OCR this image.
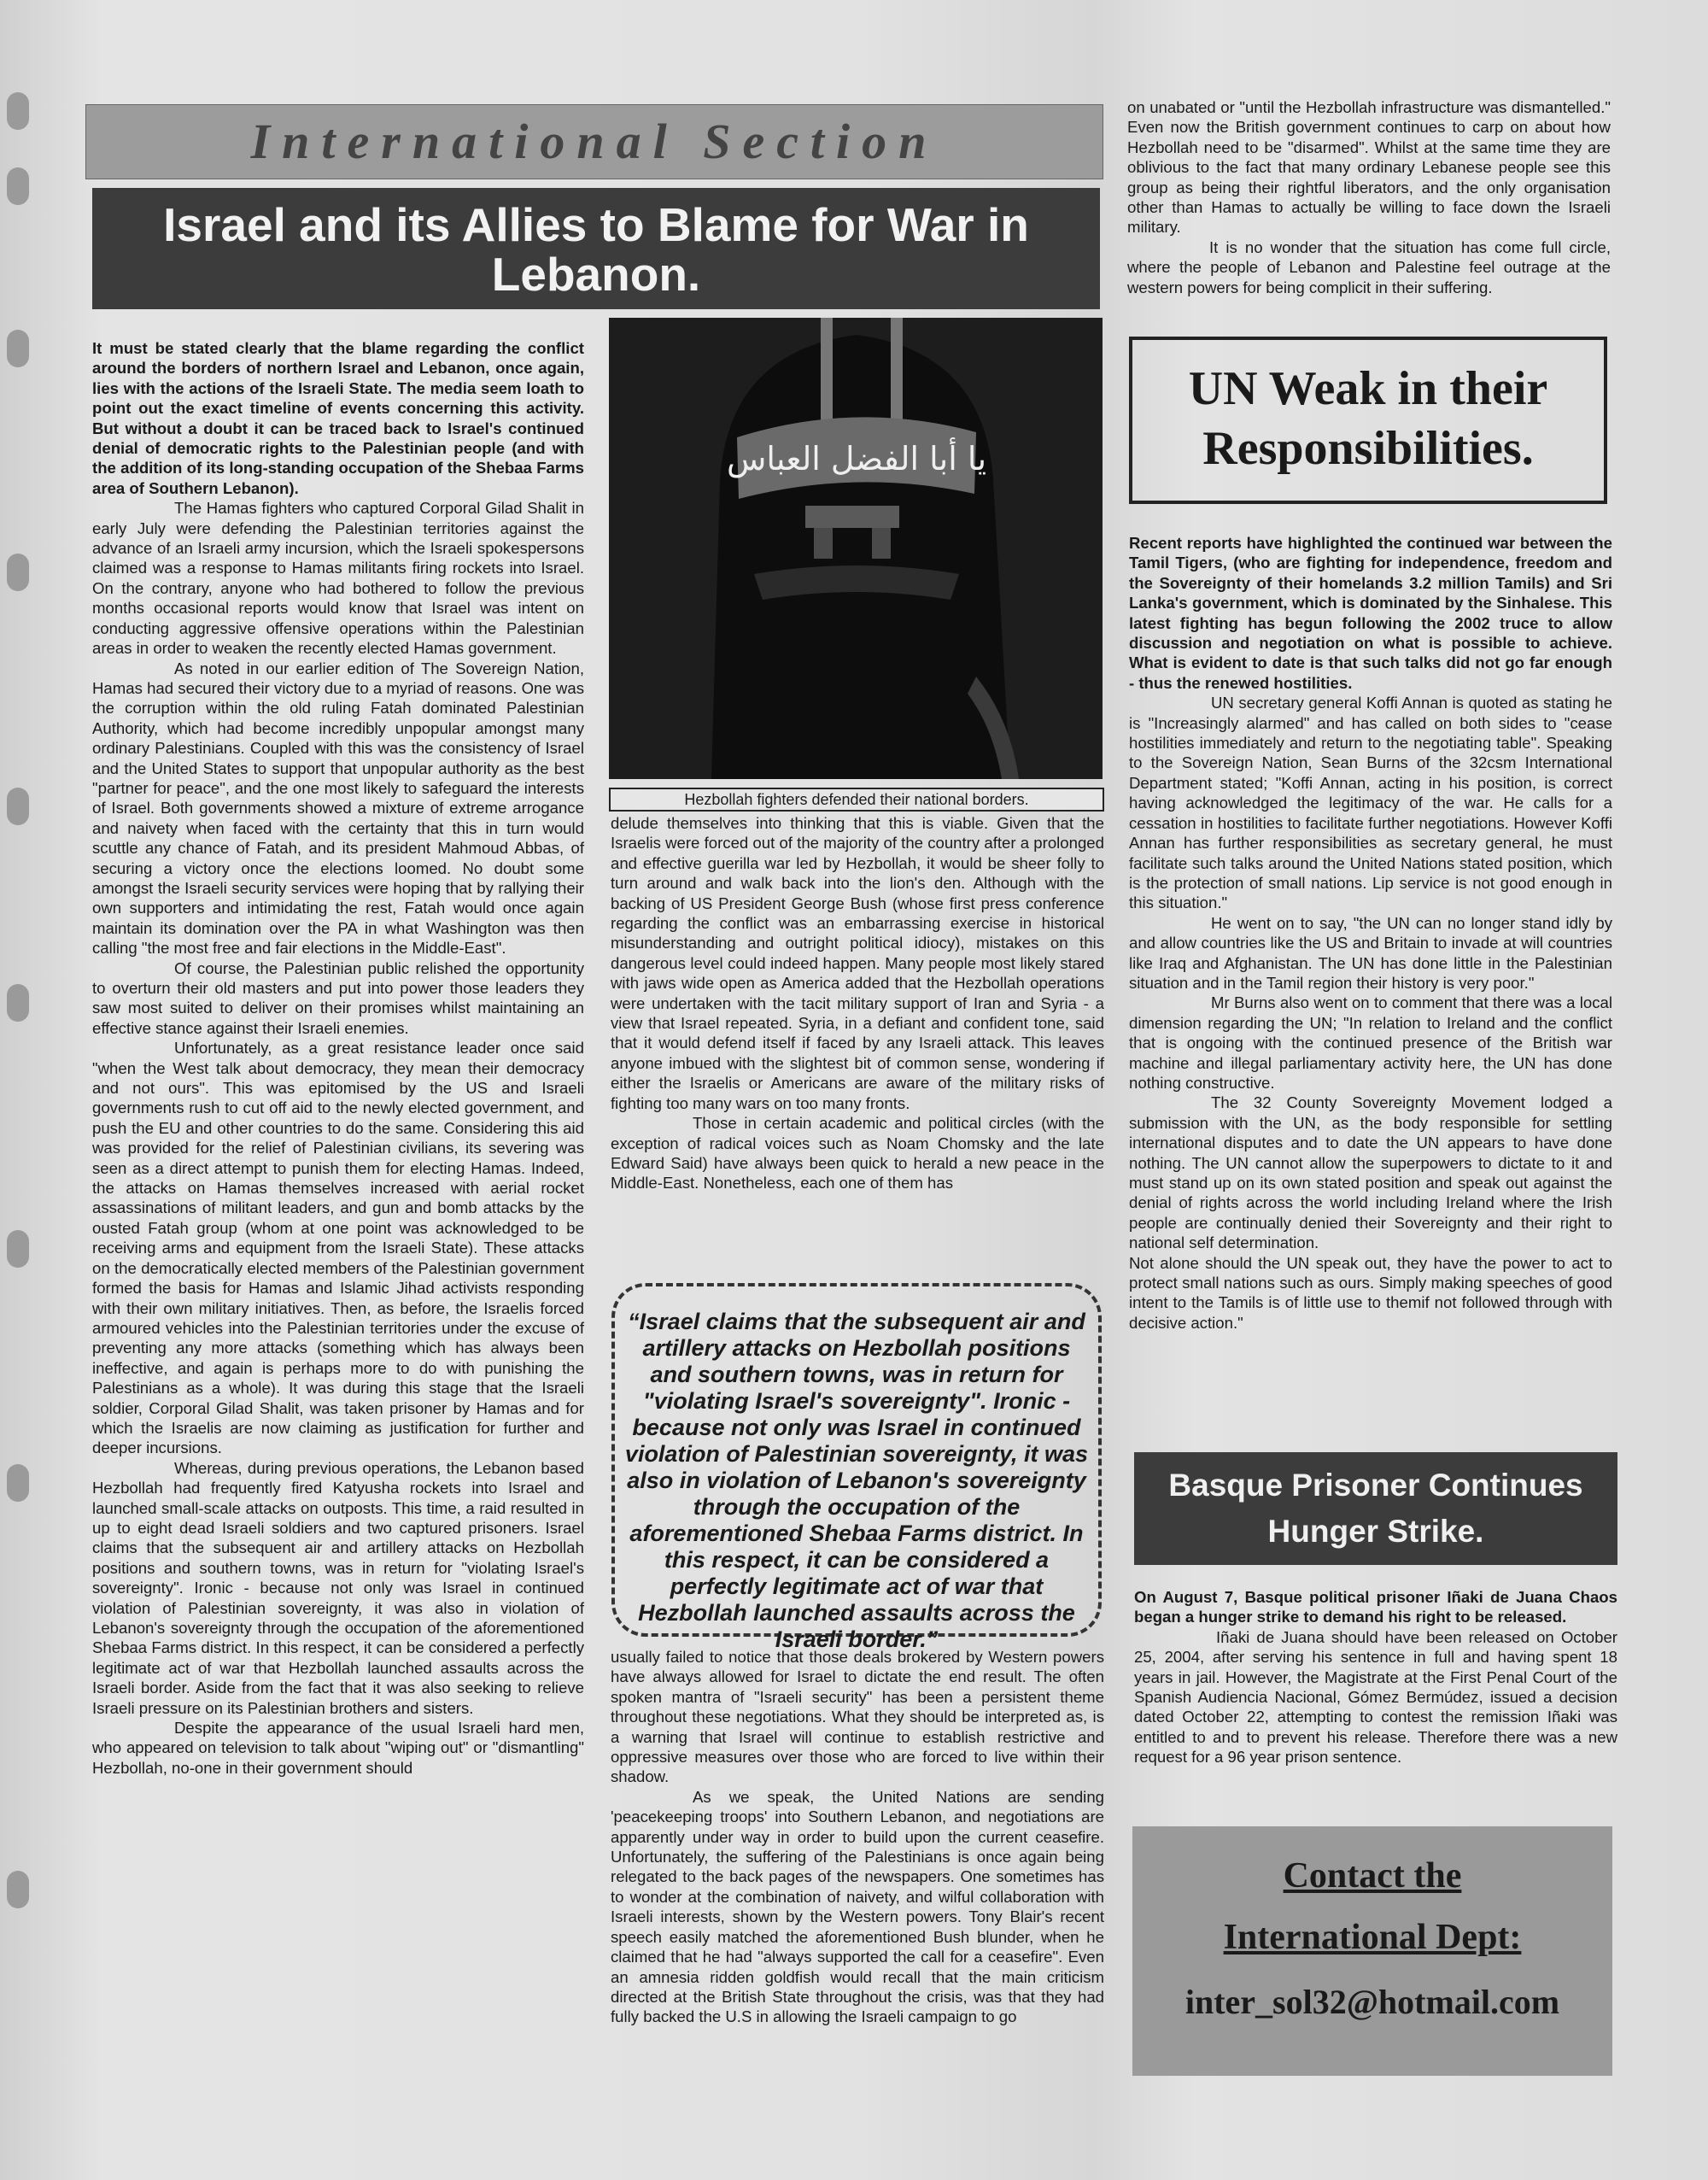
International Section
Israel and its Allies to Blame for War in Lebanon.

It must be stated clearly that the blame regarding the conflict around the borders of northern Israel and Lebanon, once again, lies with the actions of the Israeli State. The media seem loath to point out the exact timeline of events concerning this activity. But without a doubt it can be traced back to Israel's continued denial of democratic rights to the Palestinian people (and with the addition of its long-standing occupation of the Shebaa Farms area of Southern Lebanon).

The Hamas fighters who captured Corporal Gilad Shalit in early July were defending the Palestinian territories against the advance of an Israeli army incursion, which the Israeli spokespersons claimed was a response to Hamas militants firing rockets into Israel. On the contrary, anyone who had bothered to follow the previous months occasional reports would know that Israel was intent on conducting aggressive offensive operations within the Palestinian areas in order to weaken the recently elected Hamas government.

As noted in our earlier edition of The Sovereign Nation, Hamas had secured their victory due to a myriad of reasons. One was the corruption within the old ruling Fatah dominated Palestinian Authority, which had become incredibly unpopular amongst many ordinary Palestinians. Coupled with this was the consistency of Israel and the United States to support that unpopular authority as the best "partner for peace", and the one most likely to safeguard the interests of Israel. Both governments showed a mixture of extreme arrogance and naivety when faced with the certainty that this in turn would scuttle any chance of Fatah, and its president Mahmoud Abbas, of securing a victory once the elections loomed. No doubt some amongst the Israeli security services were hoping that by rallying their own supporters and intimidating the rest, Fatah would once again maintain its domination over the PA in what Washington was then calling "the most free and fair elections in the Middle-East".

Of course, the Palestinian public relished the opportunity to overturn their old masters and put into power those leaders they saw most suited to deliver on their promises whilst maintaining an effective stance against their Israeli enemies.

Unfortunately, as a great resistance leader once said "when the West talk about democracy, they mean their democracy and not ours". This was epitomised by the US and Israeli governments rush to cut off aid to the newly elected government, and push the EU and other countries to do the same. Considering this aid was provided for the relief of Palestinian civilians, its severing was seen as a direct attempt to punish them for electing Hamas. Indeed, the attacks on Hamas themselves increased with aerial rocket assassinations of militant leaders, and gun and bomb attacks by the ousted Fatah group (whom at one point was acknowledged to be receiving arms and equipment from the Israeli State). These attacks on the democratically elected members of the Palestinian government formed the basis for Hamas and Islamic Jihad activists responding with their own military initiatives. Then, as before, the Israelis forced armoured vehicles into the Palestinian territories under the excuse of preventing any more attacks (something which has always been ineffective, and again is perhaps more to do with punishing the Palestinians as a whole). It was during this stage that the Israeli soldier, Corporal Gilad Shalit, was taken prisoner by Hamas and for which the Israelis are now claiming as justification for further and deeper incursions.

Whereas, during previous operations, the Lebanon based Hezbollah had frequently fired Katyusha rockets into Israel and launched small-scale attacks on outposts. This time, a raid resulted in up to eight dead Israeli soldiers and two captured prisoners. Israel claims that the subsequent air and artillery attacks on Hezbollah positions and southern towns, was in return for "violating Israel's sovereignty". Ironic - because not only was Israel in continued violation of Palestinian sovereignty, it was also in violation of Lebanon's sovereignty through the occupation of the aforementioned Shebaa Farms district. In this respect, it can be considered a perfectly legitimate act of war that Hezbollah launched assaults across the Israeli border. Aside from the fact that it was also seeking to relieve Israeli pressure on its Palestinian brothers and sisters.

Despite the appearance of the usual Israeli hard men, who appeared on television to talk about "wiping out" or "dismantling" Hezbollah, no-one in their government should

يا أبا الفضل العباس
Hezbollah fighters defended their national borders.

delude themselves into thinking that this is viable. Given that the Israelis were forced out of the majority of the country after a prolonged and effective guerilla war led by Hezbollah, it would be sheer folly to turn around and walk back into the lion's den. Although with the backing of US President George Bush (whose first press conference regarding the conflict was an embarrassing exercise in historical misunderstanding and outright political idiocy), mistakes on this dangerous level could indeed happen. Many people most likely stared with jaws wide open as America added that the Hezbollah operations were undertaken with the tacit military support of Iran and Syria - a view that Israel repeated. Syria, in a defiant and confident tone, said that it would defend itself if faced by any Israeli attack. This leaves anyone imbued with the slightest bit of common sense, wondering if either the Israelis or Americans are aware of the military risks of fighting too many wars on too many fronts.

Those in certain academic and political circles (with the exception of radical voices such as Noam Chomsky and the late Edward Said) have always been quick to herald a new peace in the Middle-East. Nonetheless, each one of them has

“Israel claims that the subsequent air and artillery attacks on Hezbollah positions and southern towns, was in return for "violating Israel's sovereignty". Ironic - because not only was Israel in continued violation of Palestinian sovereignty, it was also in violation of Lebanon's sovereignty through the occupation of the aforementioned Shebaa Farms district. In this respect, it can be considered a perfectly legitimate act of war that Hezbollah launched assaults across the Israeli border.”

usually failed to notice that those deals brokered by Western powers have always allowed for Israel to dictate the end result. The often spoken mantra of "Israeli security" has been a persistent theme throughout these negotiations. What they should be interpreted as, is a warning that Israel will continue to establish restrictive and oppressive measures over those who are forced to live within their shadow.

As we speak, the United Nations are sending 'peacekeeping troops' into Southern Lebanon, and negotiations are apparently under way in order to build upon the current ceasefire. Unfortunately, the suffering of the Palestinians is once again being relegated to the back pages of the newspapers. One sometimes has to wonder at the combination of naivety, and wilful collaboration with Israeli interests, shown by the Western powers. Tony Blair's recent speech easily matched the aforementioned Bush blunder, when he claimed that he had "always supported the call for a ceasefire". Even an amnesia ridden goldfish would recall that the main criticism directed at the British State throughout the crisis, was that they had fully backed the U.S in allowing the Israeli campaign to go

on unabated or "until the Hezbollah infrastructure was dismantelled." Even now the British government continues to carp on about how Hezbollah need to be "disarmed". Whilst at the same time they are oblivious to the fact that many ordinary Lebanese people see this group as being their rightful liberators, and the only organisation other than Hamas to actually be willing to face down the Israeli military.

It is no wonder that the situation has come full circle, where the people of Lebanon and Palestine feel outrage at the western powers for being complicit in their suffering.

UN Weak in their Responsibilities.

Recent reports have highlighted the continued war between the Tamil Tigers, (who are fighting for independence, freedom and the Sovereignty of their homelands 3.2 million Tamils) and Sri Lanka's government, which is dominated by the Sinhalese. This latest fighting has begun following the 2002 truce to allow discussion and negotiation on what is possible to achieve. What is evident to date is that such talks did not go far enough - thus the renewed hostilities.

UN secretary general Koffi Annan is quoted as stating he is "Increasingly alarmed" and has called on both sides to "cease hostilities immediately and return to the negotiating table". Speaking to the Sovereign Nation, Sean Burns of the 32csm International Department stated; "Koffi Annan, acting in his position, is correct having acknowledged the legitimacy of the war. He calls for a cessation in hostilities to facilitate further negotiations. However Koffi Annan has further responsibilities as secretary general, he must facilitate such talks around the United Nations stated position, which is the protection of small nations. Lip service is not good enough in this situation."

He went on to say, "the UN can no longer stand idly by and allow countries like the US and Britain to invade at will countries like Iraq and Afghanistan. The UN has done little in the Palestinian situation and in the Tamil region their history is very poor."

Mr Burns also went on to comment that there was a local dimension regarding the UN; "In relation to Ireland and the conflict that is ongoing with the continued presence of the British war machine and illegal parliamentary activity here, the UN has done nothing constructive.

The 32 County Sovereignty Movement lodged a submission with the UN, as the body responsible for settling international disputes and to date the UN appears to have done nothing. The UN cannot allow the superpowers to dictate to it and must stand up on its own stated position and speak out against the denial of rights across the world including Ireland where the Irish people are continually denied their Sovereignty and their right to national self determination.

Not alone should the UN speak out, they have the power to act to protect small nations such as ours. Simply making speeches of good intent to the Tamils is of little use to themif not followed through with decisive action."

Basque Prisoner Continues Hunger Strike.

On August 7, Basque political prisoner Iñaki de Juana Chaos began a hunger strike to demand his right to be released.

Iñaki de Juana should have been released on October 25, 2004, after serving his sentence in full and having spent 18 years in jail. However, the Magistrate at the First Penal Court of the Spanish Audiencia Nacional, Gómez Bermúdez, issued a decision dated October 22, attempting to contest the remission Iñaki was entitled to and to prevent his release. Therefore there was a new request for a 96 year prison sentence.

Contact the
International Dept:
inter_sol32@hotmail.com
